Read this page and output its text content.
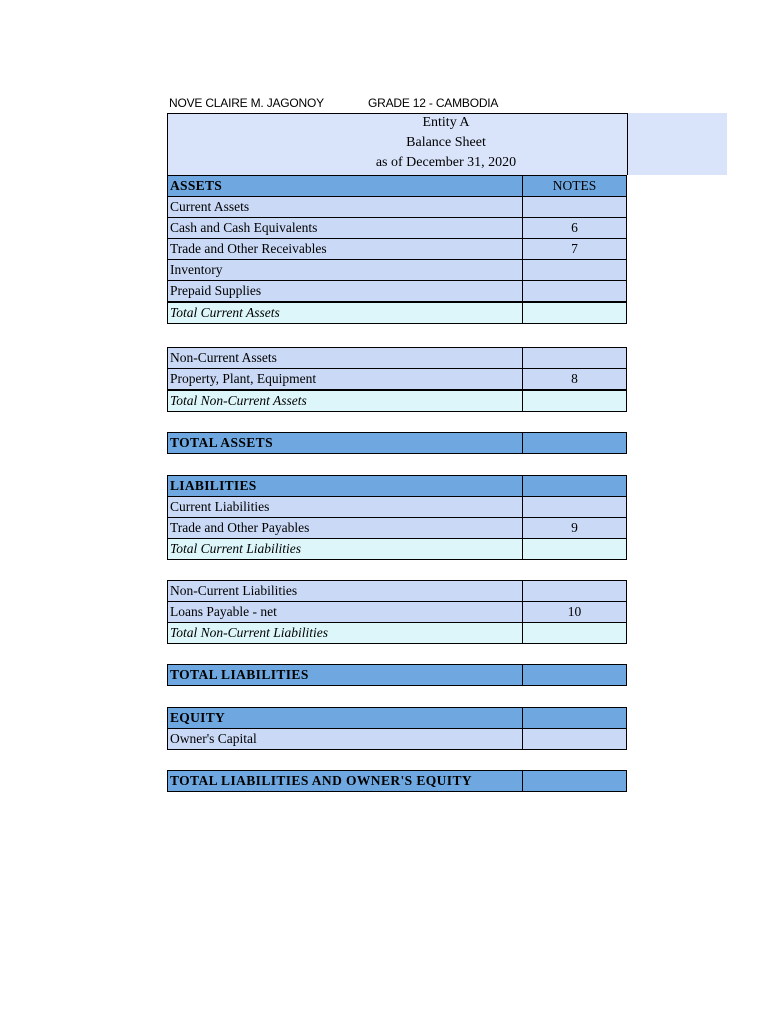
NOVE CLAIRE M. JAGONOY	GRADE 12 - CAMBODIA
Entity A
Balance Sheet
as of December 31, 2020
ASSETS	NOTES
Current Assets	
Cash and Cash Equivalents	6
Trade and Other Receivables	7
Inventory	
Prepaid Supplies	
Total Current Assets	
Non-Current Assets	
Property, Plant, Equipment	8
Total Non-Current Assets	
TOTAL ASSETS	
LIABILITIES	
Current Liabilities	
Trade and Other Payables	9
Total Current Liabilities	
Non-Current Liabilities	
Loans Payable - net	10
Total Non-Current Liabilities	
TOTAL LIABILITIES	
EQUITY	
Owner's Capital	
TOTAL LIABILITIES AND OWNER'S EQUITY	
